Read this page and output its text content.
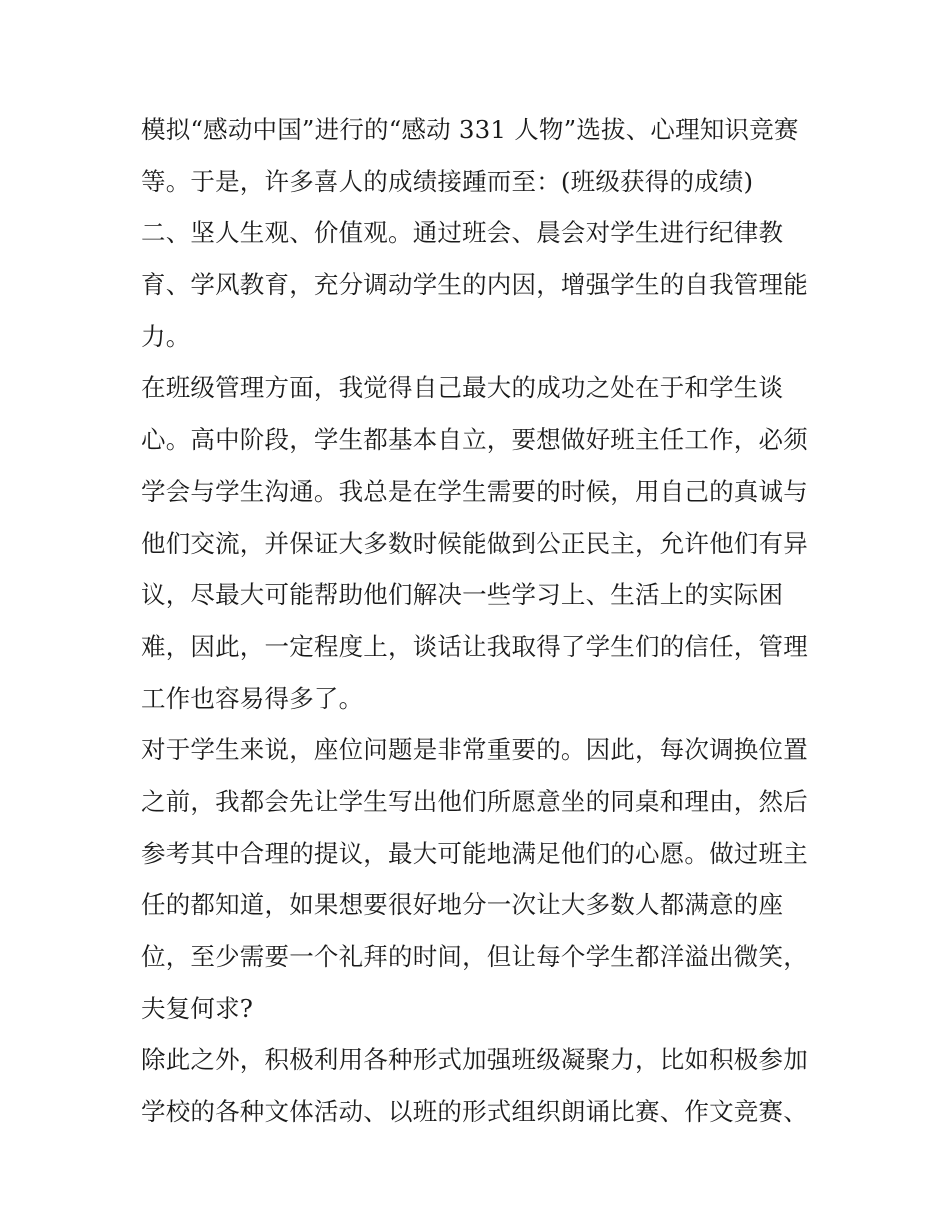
模拟“感动中国”进行的“感动 331 人物”选拔、心理知识竞赛
等。于是，许多喜人的成绩接踵而至：(班级获得的成绩)
二、坚人生观、价值观。通过班会、晨会对学生进行纪律教
育、学风教育，充分调动学生的内因，增强学生的自我管理能
力。
在班级管理方面，我觉得自己最大的成功之处在于和学生谈
心。高中阶段，学生都基本自立，要想做好班主任工作，必须
学会与学生沟通。我总是在学生需要的时候，用自己的真诚与
他们交流，并保证大多数时候能做到公正民主，允许他们有异
议，尽最大可能帮助他们解决一些学习上、生活上的实际困
难，因此，一定程度上，谈话让我取得了学生们的信任，管理
工作也容易得多了。
对于学生来说，座位问题是非常重要的。因此，每次调换位置
之前，我都会先让学生写出他们所愿意坐的同桌和理由，然后
参考其中合理的提议，最大可能地满足他们的心愿。做过班主
任的都知道，如果想要很好地分一次让大多数人都满意的座
位，至少需要一个礼拜的时间，但让每个学生都洋溢出微笑，
夫复何求?
除此之外，积极利用各种形式加强班级凝聚力，比如积极参加
学校的各种文体活动、以班的形式组织朗诵比赛、作文竞赛、
